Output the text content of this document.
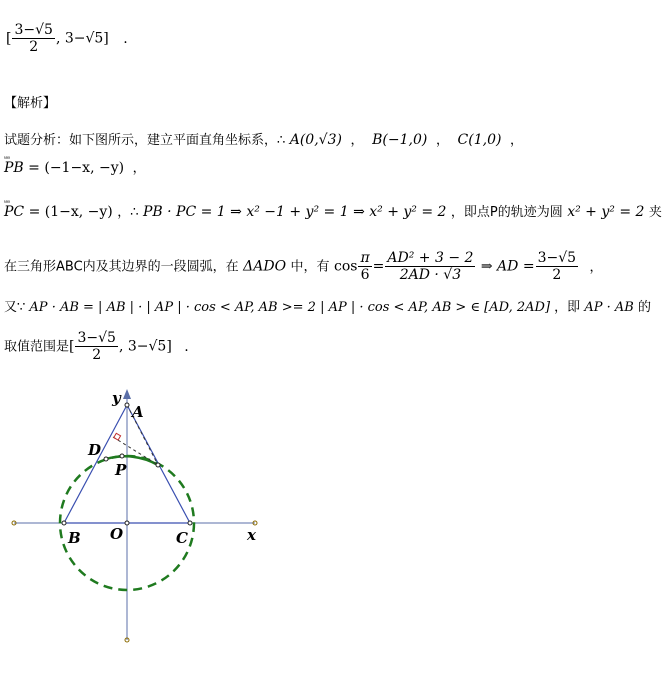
[ $\frac{3-√5}{2}$ , 3−√5] .
【解析】
试题分析：如下图所示，建立平面直角坐标系，∴ A(0,√3)  ，  B(−1,0)  ，  C(1,0)  ，
ᵘᵘᵘ PB = (−1−x, −y)  ，
ᵘᵘᵘ PC = (1−x, −y) ，∴ PB · PC = 1 ⇒ x² −1 + y² = 1 ⇒ x² + y² = 2 ，即点P的轨迹为圆 x² + y² = 2 夹
在三角形ABC内及其边界的一段圆弧，在 ΔADO 中，有 $\cos \frac{\pi}{6} = \frac{\text{AD² + 3 − 2}}{2AD \cdot √3}$ ⇒ AD = $\frac{3-√5}{2}$ ，
又∵ AP · AB = | AB | · | AP | · cos < AP, AB >= 2 | AP | · cos < AP, AB > ∈ [AD, 2AD] ，即 AP · AB 的
取值范围是[ $\frac{3-√5}{2}$ , 3−√5] .
y
A
D
P
B O	C	x
